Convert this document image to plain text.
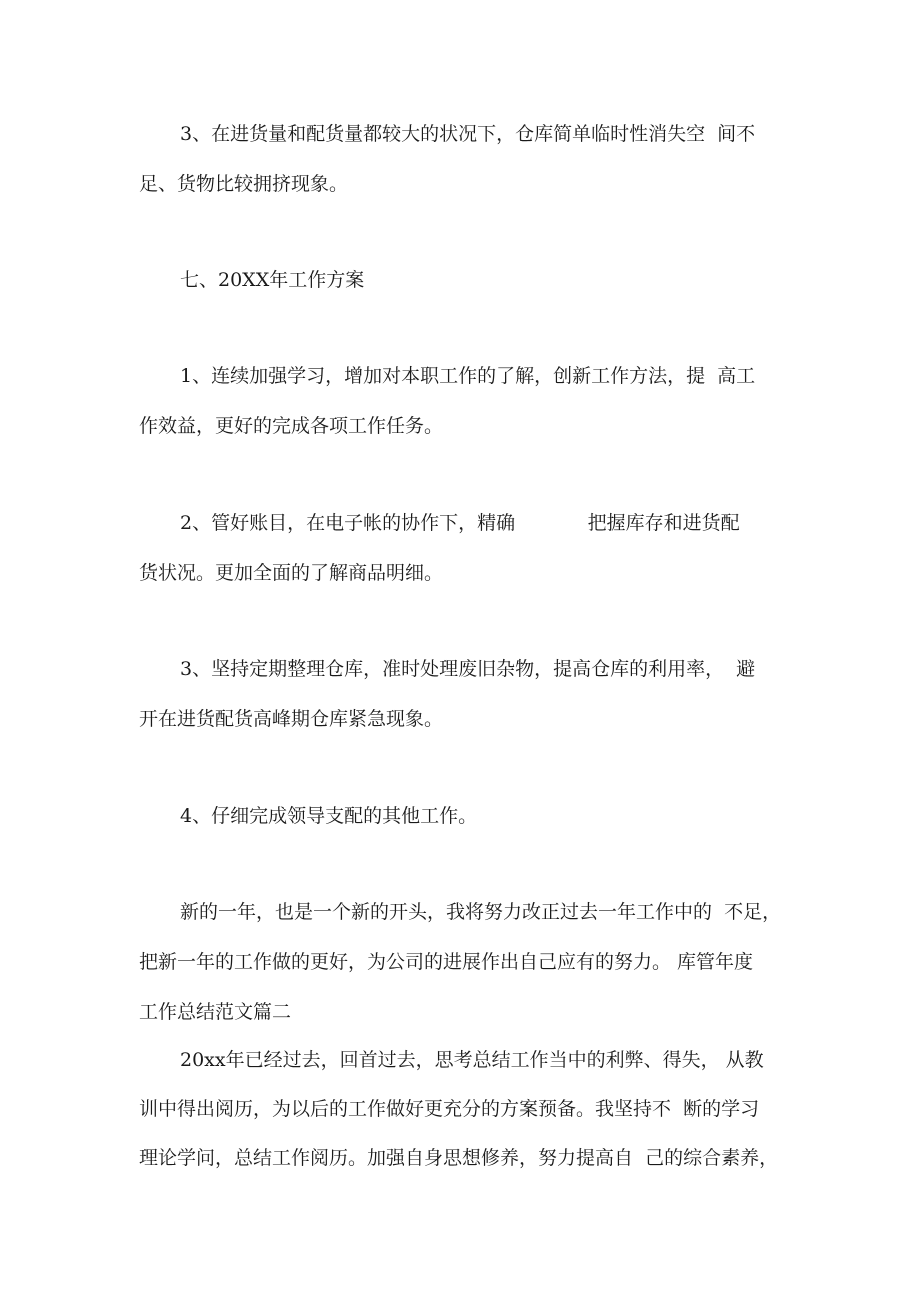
3、在进货量和配货量都较大的状况下，仓库简单临时性消失空  间不
足、货物比较拥挤现象。
七、20XX年工作方案
1、连续加强学习，增加对本职工作的了解，创新工作方法，提  高工
作效益，更好的完成各项工作任务。
2、管好账目，在电子帐的协作下，精确            把握库存和进货配
货状况。更加全面的了解商品明细。
3、坚持定期整理仓库，准时处理废旧杂物，提高仓库的利用率，  避
开在进货配货高峰期仓库紧急现象。
4、仔细完成领导支配的其他工作。
新的一年，也是一个新的开头，我将努力改正过去一年工作中的  不足，
把新一年的工作做的更好，为公司的进展作出自己应有的努力。 库管年度
工作总结范文篇二
20xx年已经过去，回首过去，思考总结工作当中的利弊、得失， 从教
训中得出阅历，为以后的工作做好更充分的方案预备。我坚持不  断的学习
理论学问，总结工作阅历。加强自身思想修养，努力提高自  己的综合素养，
